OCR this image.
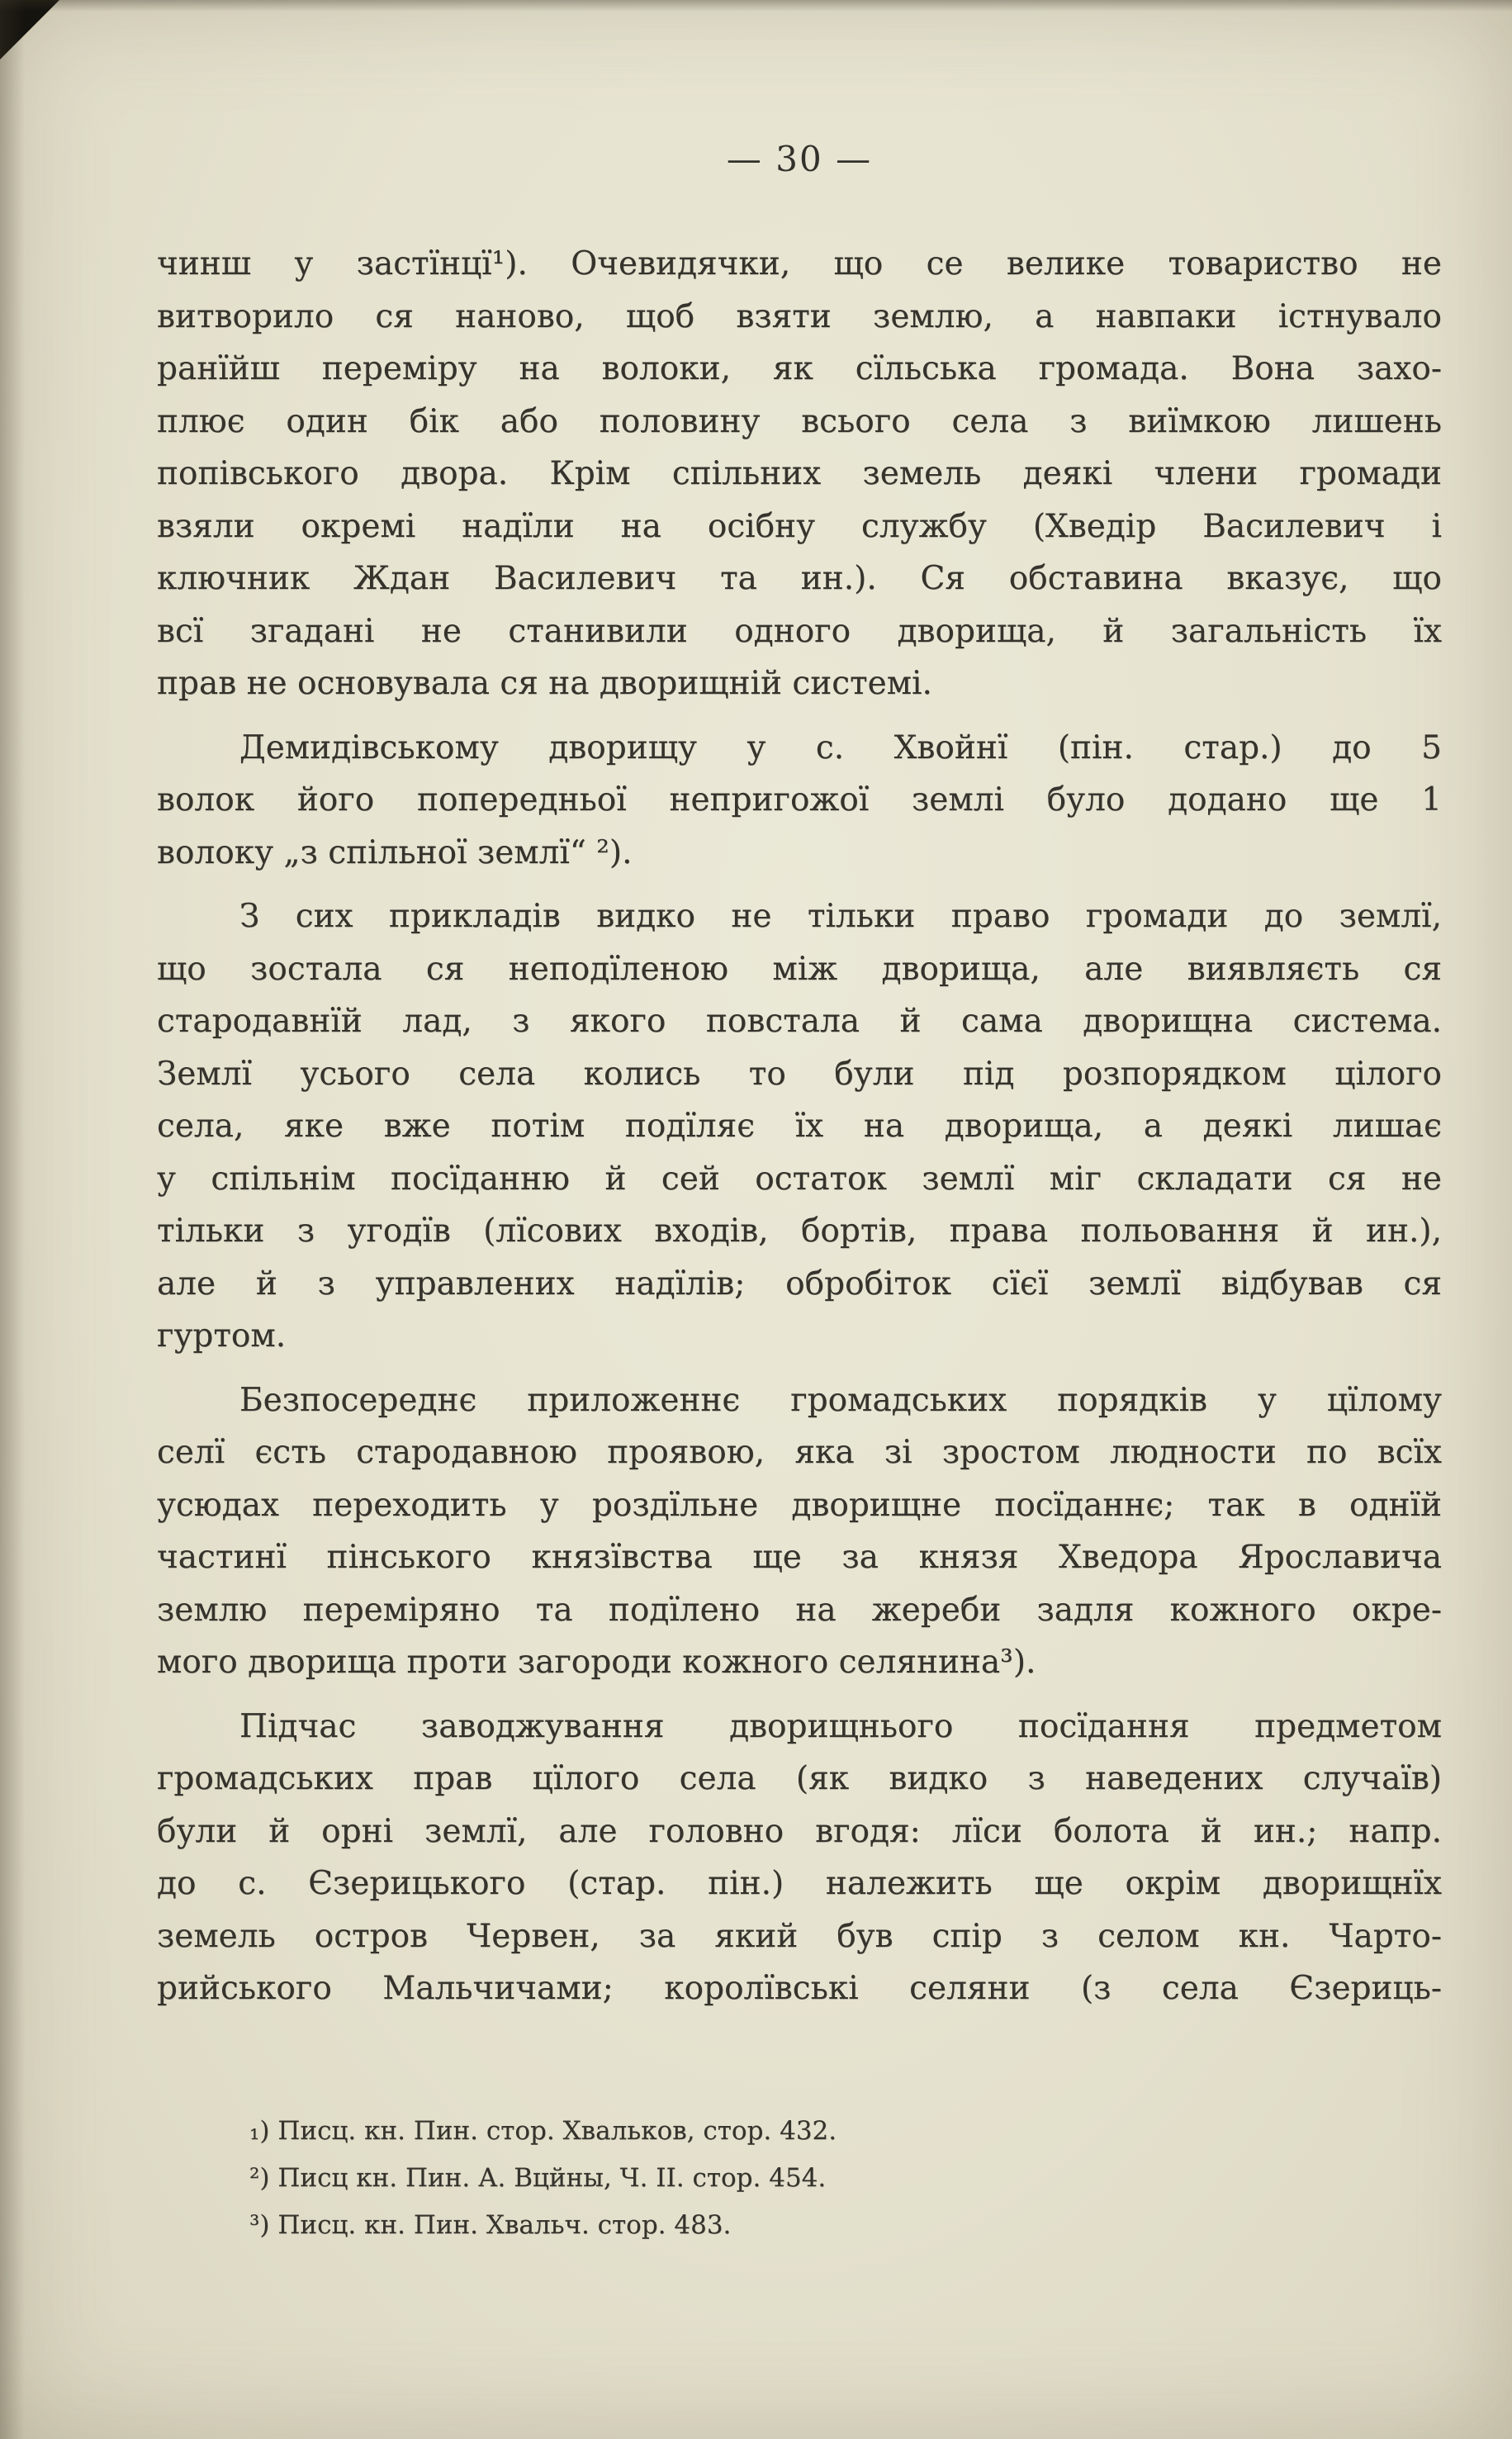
— 30 —
чинш у застїнцї¹). Очевидячки, що се велике товариство не
витворило ся наново, щоб взяти землю, а навпаки істнувало
ранїйш переміру на волоки, як сїльська громада. Вона захо-
плює один бік або половину всього села з виїмкою лишень
попівського двора. Крім спільних земель деякі члени громади
взяли окремі надїли на осібну службу (Хведір Василевич і
ключник Ждан Василевич та ин.). Ся обставина вказує, що
всї згадані не станивили одного дворища, й загальність їх
прав не основувала ся на дворищній системі.
Демидівському дворищу у с. Хвойнї (пін. стар.) до 5
волок його попередньої непригожої землі було додано ще 1
волоку „з спільної землї“ ²).
З сих прикладів видко не тільки право громади до землї,
що зостала ся неподїленою між дворища, але виявляєть ся
стародавнїй лад, з якого повстала й сама дворищна система.
Землї усього села колись то були під розпорядком цілого
села, яке вже потім подїляє їх на дворища, а деякі лишає
у спільнім посїданню й сей остаток землї міг складати ся не
тільки з угодїв (лїсових входів, бортів, права польовання й ин.),
але й з управлених надїлів; обробіток сїєї землї відбував ся
гуртом.
Безпосереднє приложеннє громадських порядків у цїлому
селї єсть стародавною проявою, яка зі зростом людности по всїх
усюдах переходить у роздїльне дворищне посїданнє; так в однїй
частинї пінського князївства ще за князя Хведора Ярославича
землю переміряно та подїлено на жереби задля кожного окре-
мого дворища проти загороди кожного селянина³).
Підчас заводжування дворищнього посїдання предметом
громадських прав цїлого села (як видко з наведених случаїв)
були й орні землї, але головно вгодя: лїси болота й ин.; напр.
до с. Єзерицького (стар. пін.) належить ще окрім дворищнїх
земель остров Червен, за який був спір з селом кн. Чарто-
рийського Мальчичами; королївські селяни (з села Єзериць-
₁) Писц. кн. Пин. стор. Хвальков, стор. 432.
²) Писц кн. Пин. А. Вцйны, Ч. II. стор. 454.
³) Писц. кн. Пин. Хвальч. стор. 483.
